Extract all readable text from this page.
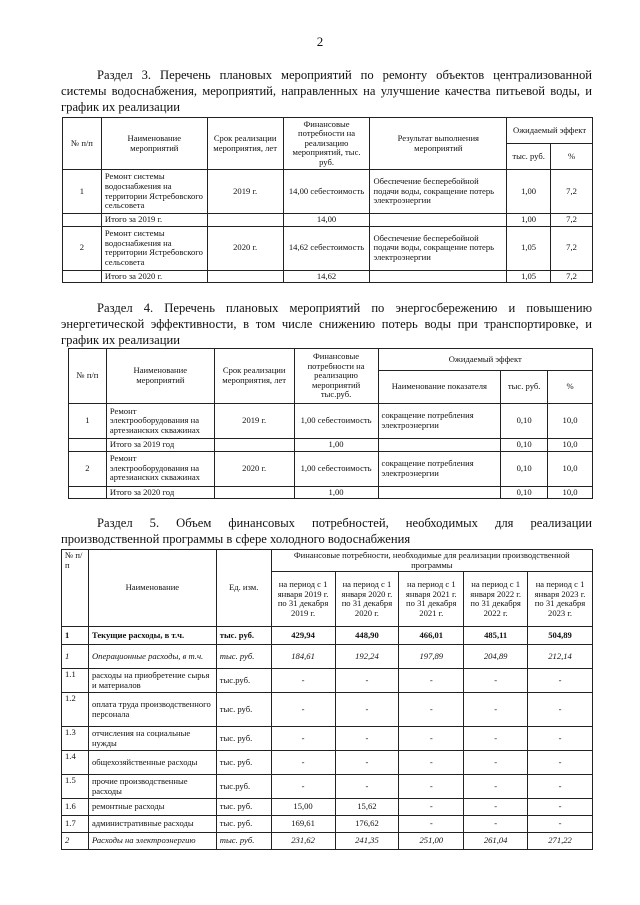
2

Раздел 3. Перечень плановых мероприятий по ремонту объектов централизованной системы водоснабжения, мероприятий, направленных на улучшение качества питьевой воды, и график их реализации

№ п/п	Наименование мероприятий	Срок реализации мероприятия, лет	Финансовые потребности на реализацию мероприятий, тыс. руб.	Результат выполнения мероприятий	Ожидаемый эффект	
					тыс. руб.	%
1	Ремонт системы водоснабжения на территории Ястребовского сельсовета	2019 г.	14,00 себестоимость	Обеспечение бесперебойной подачи воды, сокращение потерь электроэнергии	1,00	7,2
	Итого за 2019 г.		14,00		1,00	7,2
2	Ремонт системы водоснабжения на территории Ястребовского сельсовета	2020 г.	14,62 себестоимость	Обеспечение бесперебойной подачи воды, сокращение потерь электроэнергии	1,05	7,2
	Итого за 2020 г.		14,62		1,05	7,2

Раздел 4. Перечень плановых мероприятий по энергосбережению и повышению энергетической эффективности, в том числе снижению потерь воды при транспортировке, и график их реализации

№ п/п	Наименование мероприятий	Срок реализации мероприятия, лет	Финансовые потребности на реализацию мероприятий тыс.руб.	Ожидаемый эффект		
				Наименование показателя	тыс. руб.	%
1	Ремонт электрооборудования на артезианских скважинах	2019 г.	1,00 себестоимость	сокращение потребления электроэнергии	0,10	10,0
	Итого за 2019 год		1,00		0,10	10,0
2	Ремонт электрооборудования на артезианских скважинах	2020 г.	1,00 себестоимость	сокращение потребления электроэнергии	0,10	10,0
	Итого за 2020 год		1,00		0,10	10,0

Раздел 5. Объем финансовых потребностей, необходимых для реализации производственной программы в сфере холодного водоснабжения

№ п/п	Наименование	Ед. изм.	Финансовые потребности, необходимые для реализации производственной программы				
			на период с 1 января 2019 г. по 31 декабря 2019 г.	на период с 1 января 2020 г. по 31 декабря 2020 г.	на период с 1 января 2021 г. по 31 декабря 2021 г.	на период с 1 января 2022 г. по 31 декабря 2022 г.	на период с 1 января 2023 г. по 31 декабря 2023 г.
1	Текущие расходы, в т.ч.	тыс. руб.	429,94	448,90	466,01	485,11	504,89
1	Операционные расходы, в т.ч.	тыс. руб.	184,61	192,24	197,89	204,89	212,14
1.1	расходы на приобретение сырья и материалов	тыс.руб.	-	-	-	-	-
1.2	оплата труда производственного персонала	тыс. руб.	-	-	-	-	-
1.3	отчисления на социальные нужды	тыс. руб.	-	-	-	-	-
1.4	общехозяйственные расходы	тыс. руб.	-	-	-	-	-
1.5	прочие производственные расходы	тыс.руб.	-	-	-	-	-
1.6	ремонтные расходы	тыс. руб.	15,00	15,62	-	-	-
1.7	административные расходы	тыс. руб.	169,61	176,62	-	-	-
2	Расходы на электроэнергию	тыс. руб.	231,62	241,35	251,00	261,04	271,22
